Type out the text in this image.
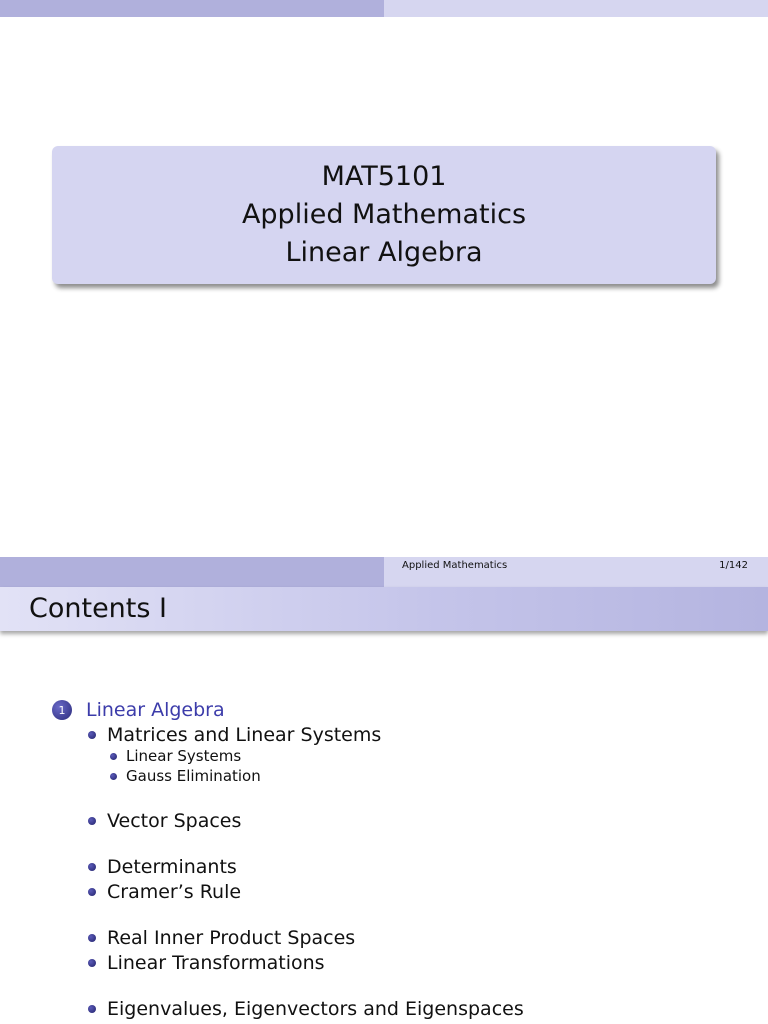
MAT5101
Applied Mathematics
Linear Algebra
Applied Mathematics	1/142
Contents I
1	Linear Algebra
Matrices and Linear Systems
Linear Systems
Gauss Elimination
Vector Spaces
Determinants
Cramer’s Rule
Real Inner Product Spaces
Linear Transformations
Eigenvalues, Eigenvectors and Eigenspaces
